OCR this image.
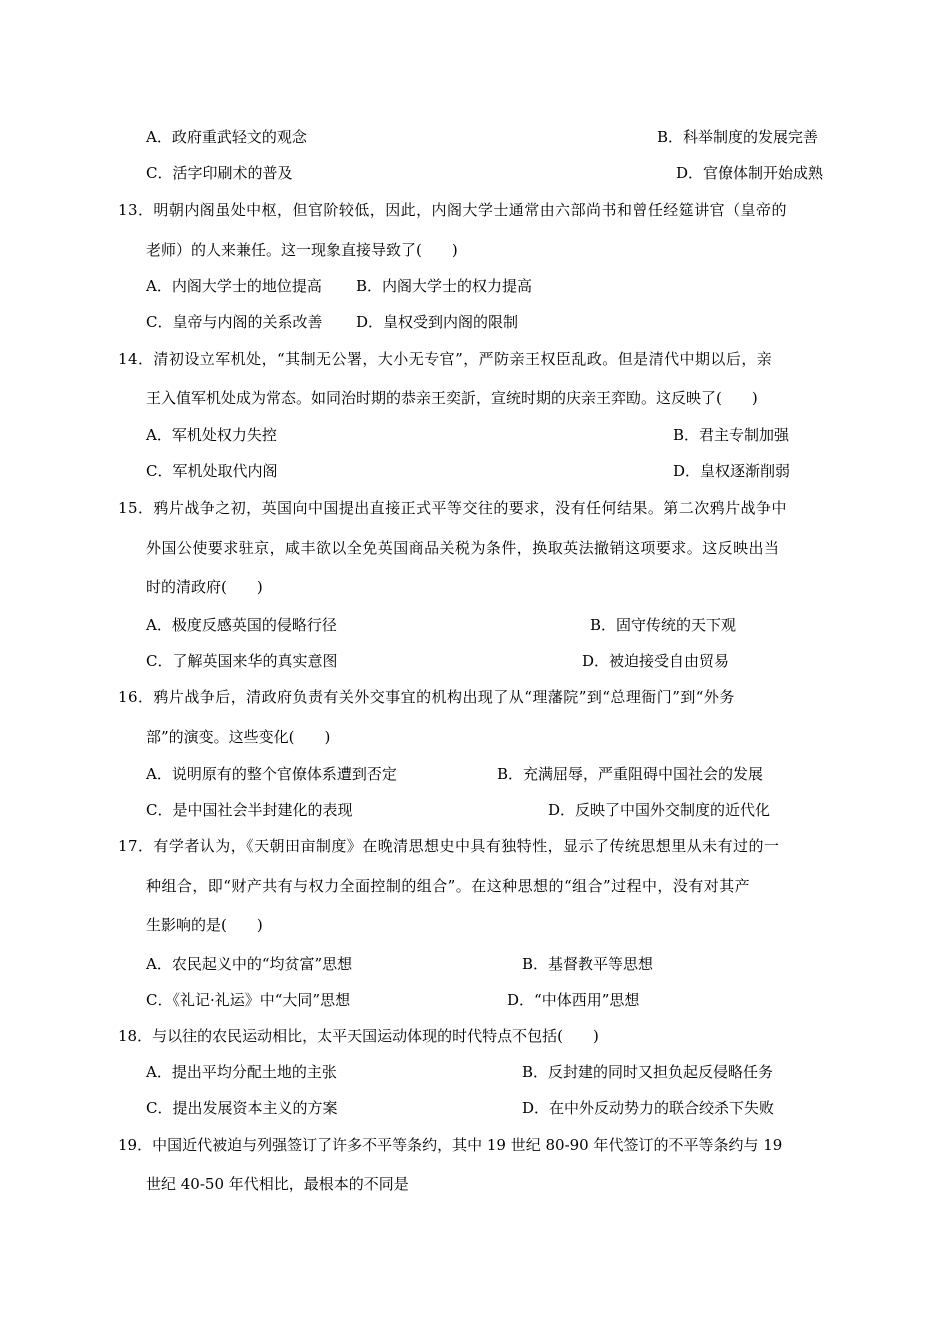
A．政府重武轻文的观念	B．科举制度的发展完善
C．活字印刷术的普及	D．官僚体制开始成熟
13．明朝内阁虽处中枢，但官阶较低，因此，内阁大学士通常由六部尚书和曾任经筵讲官（皇帝的
老师）的人来兼任。这一现象直接导致了(　　)
A．内阁大学士的地位提高 B．内阁大学士的权力提高
C．皇帝与内阁的关系改善 D．皇权受到内阁的限制
14．清初设立军机处，“其制无公署，大小无专官”，严防亲王权臣乱政。但是清代中期以后，亲
王入值军机处成为常态。如同治时期的恭亲王奕訢，宣统时期的庆亲王弈劻。这反映了(　　)
A．军机处权力失控	B．君主专制加强
C．军机处取代内阁	D．皇权逐渐削弱
15．鸦片战争之初，英国向中国提出直接正式平等交往的要求，没有任何结果。第二次鸦片战争中
外国公使要求驻京，咸丰欲以全免英国商品关税为条件，换取英法撤销这项要求。这反映出当
时的清政府(　　)
A．极度反感英国的侵略行径	B．固守传统的天下观
C．了解英国来华的真实意图	D．被迫接受自由贸易
16．鸦片战争后，清政府负责有关外交事宜的机构出现了从“理藩院”到“总理衙门”到“外务
部”的演变。这些变化(　　)
A．说明原有的整个官僚体系遭到否定	B．充满屈辱，严重阻碍中国社会的发展
C．是中国社会半封建化的表现	D．反映了中国外交制度的近代化
17．有学者认为，《天朝田亩制度》在晚清思想史中具有独特性，显示了传统思想里从未有过的一
种组合，即“财产共有与权力全面控制的组合”。在这种思想的“组合”过程中，没有对其产
生影响的是(　　)
A．农民起义中的“均贫富”思想	B．基督教平等思想
C．《礼记·礼运》中“大同”思想	D．“中体西用”思想
18．与以往的农民运动相比，太平天国运动体现的时代特点不包括(　　)
A．提出平均分配土地的主张	B．反封建的同时又担负起反侵略任务
C．提出发展资本主义的方案	D．在中外反动势力的联合绞杀下失败
19．中国近代被迫与列强签订了许多不平等条约，其中 19 世纪 80-90 年代签订的不平等条约与 19
世纪 40-50 年代相比，最根本的不同是
